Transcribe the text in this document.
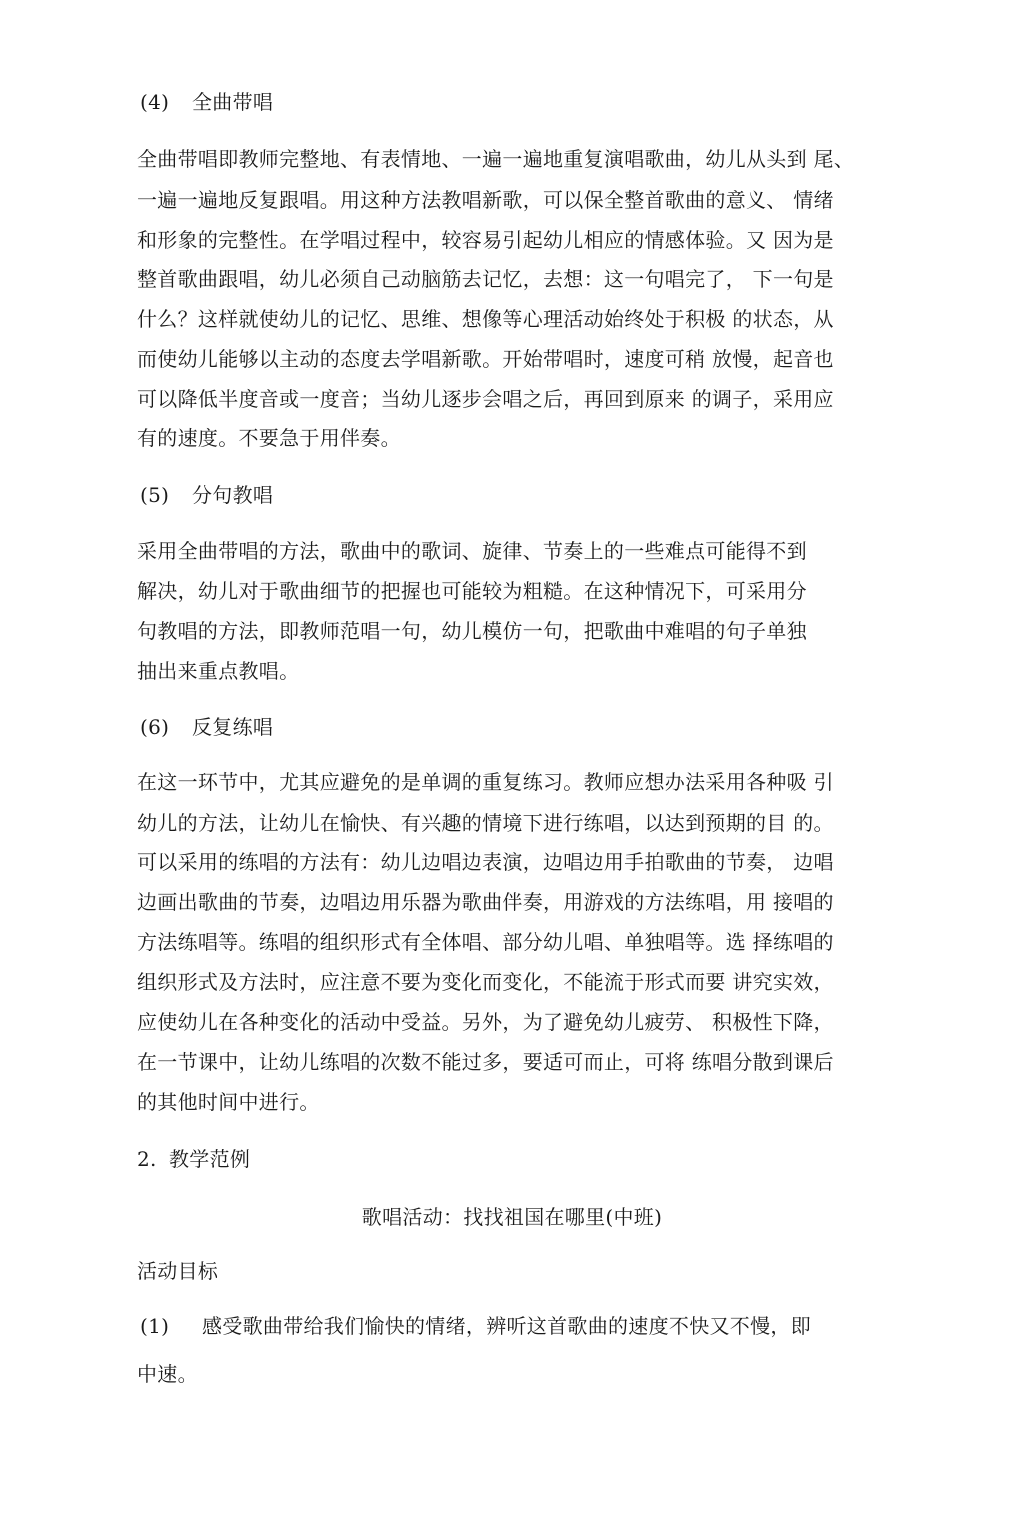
(4) 全曲带唱
全曲带唱即教师完整地、有表情地、一遍一遍地重复演唱歌曲，幼儿从头到 尾、
一遍一遍地反复跟唱。用这种方法教唱新歌，可以保全整首歌曲的意义、 情绪
和形象的完整性。在学唱过程中，较容易引起幼儿相应的情感体验。又 因为是
整首歌曲跟唱，幼儿必须自己动脑筋去记忆，去想：这一句唱完了， 下一句是
什么？这样就使幼儿的记忆、思维、想像等心理活动始终处于积极 的状态，从
而使幼儿能够以主动的态度去学唱新歌。开始带唱时，速度可稍 放慢，起音也
可以降低半度音或一度音；当幼儿逐步会唱之后，再回到原来 的调子，采用应
有的速度。不要急于用伴奏。
(5) 分句教唱
采用全曲带唱的方法，歌曲中的歌词、旋律、节奏上的一些难点可能得不到
解决，幼儿对于歌曲细节的把握也可能较为粗糙。在这种情况下，可采用分
句教唱的方法，即教师范唱一句，幼儿模仿一句，把歌曲中难唱的句子单独
抽出来重点教唱。
(6) 反复练唱
在这一环节中，尤其应避免的是单调的重复练习。教师应想办法采用各种吸 引
幼儿的方法，让幼儿在愉快、有兴趣的情境下进行练唱，以达到预期的目 的。
可以采用的练唱的方法有：幼儿边唱边表演，边唱边用手拍歌曲的节奏， 边唱
边画出歌曲的节奏，边唱边用乐器为歌曲伴奏，用游戏的方法练唱，用 接唱的
方法练唱等。练唱的组织形式有全体唱、部分幼儿唱、单独唱等。选 择练唱的
组织形式及方法时，应注意不要为变化而变化，不能流于形式而要 讲究实效，
应使幼儿在各种变化的活动中受益。另外，为了避免幼儿疲劳、 积极性下降，
在一节课中，让幼儿练唱的次数不能过多，要适可而止，可将 练唱分散到课后
的其他时间中进行。
2. 教学范例
歌唱活动：找找祖国在哪里(中班)
活动目标
(1) 感受歌曲带给我们愉快的情绪，辨听这首歌曲的速度不快又不慢，即
中速。
